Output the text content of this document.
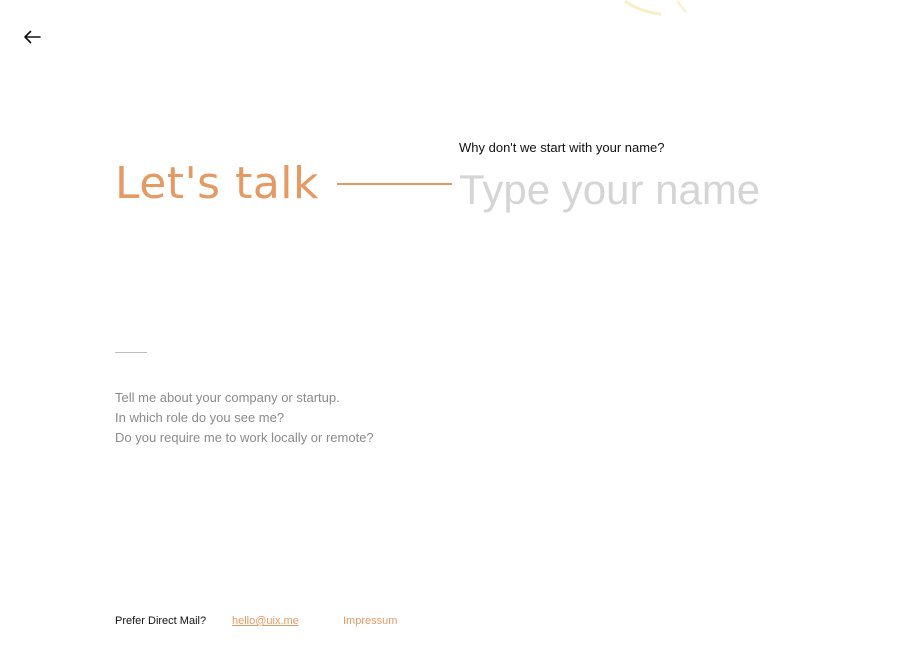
Let's talk

Why don't we start with your name?

Type your name
Tell me about your company or startup.
In which role do you see me?
Do you require me to work locally or remote?
Prefer Direct Mail? hello@uix.me	Impressum
